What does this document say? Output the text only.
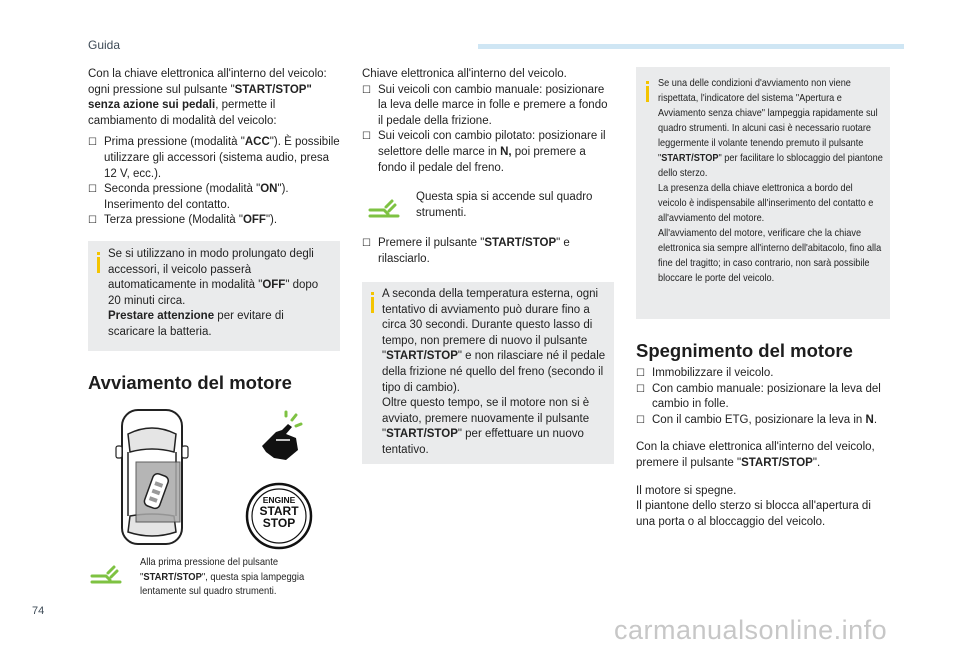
Guida

Con la chiave elettronica all'interno del veicolo: ogni pressione sul pulsante "START/STOP" senza azione sui pedali, permette il cambiamento di modalità del veicolo:

☐ Prima pressione (modalità "ACC"). È possibile utilizzare gli accessori (sistema audio, presa 12 V, ecc.).
☐ Seconda pressione (modalità "ON"). Inserimento del contatto.
☐ Terza pressione (Modalità "OFF").

Se si utilizzano in modo prolungato degli accessori, il veicolo passerà automaticamente in modalità "OFF" dopo 20 minuti circa.

Prestare attenzione per evitare di scaricare la batteria.

Avviamento del motore
ENGINE
START
STOP
Alla prima pressione del pulsante "START/STOP", questa spia lampeggia lentamente sul quadro strumenti.

Chiave elettronica all'interno del veicolo.

☐ Sui veicoli con cambio manuale: posizionare la leva delle marce in folle e premere a fondo il pedale della frizione.
☐ Sui veicoli con cambio pilotato: posizionare il selettore delle marce in N, poi premere a fondo il pedale del freno.
Questa spia si accende sul quadro strumenti.
☐ Premere il pulsante "START/STOP" e rilasciarlo.

A seconda della temperatura esterna, ogni tentativo di avviamento può durare fino a circa 30 secondi. Durante questo lasso di tempo, non premere di nuovo il pulsante "START/STOP" e non rilasciare né il pedale della frizione né quello del freno (secondo il tipo di cambio).

Oltre questo tempo, se il motore non si è avviato, premere nuovamente il pulsante "START/STOP" per effettuare un nuovo tentativo.

Se una delle condizioni d'avviamento non viene rispettata, l'indicatore del sistema "Apertura e Avviamento senza chiave" lampeggia rapidamente sul quadro strumenti. In alcuni casi è necessario ruotare leggermente il volante tenendo premuto il pulsante "START/STOP" per facilitare lo sblocaggio del piantone dello sterzo.

La presenza della chiave elettronica a bordo del veicolo è indispensabile all'inserimento del contatto e all'avviamento del motore.

All'avviamento del motore, verificare che la chiave elettronica sia sempre all'interno dell'abitacolo, fino alla fine del tragitto; in caso contrario, non sarà possibile bloccare le porte del veicolo.

Spegnimento del motore
☐ Immobilizzare il veicolo.
☐ Con cambio manuale: posizionare la leva del cambio in folle.
☐ Con il cambio ETG, posizionare la leva in N.

Con la chiave elettronica all'interno del veicolo, premere il pulsante "START/STOP".

Il motore si spegne.

Il piantone dello sterzo si blocca all'apertura di una porta o al bloccaggio del veicolo.

74
carmanualsonline.info
